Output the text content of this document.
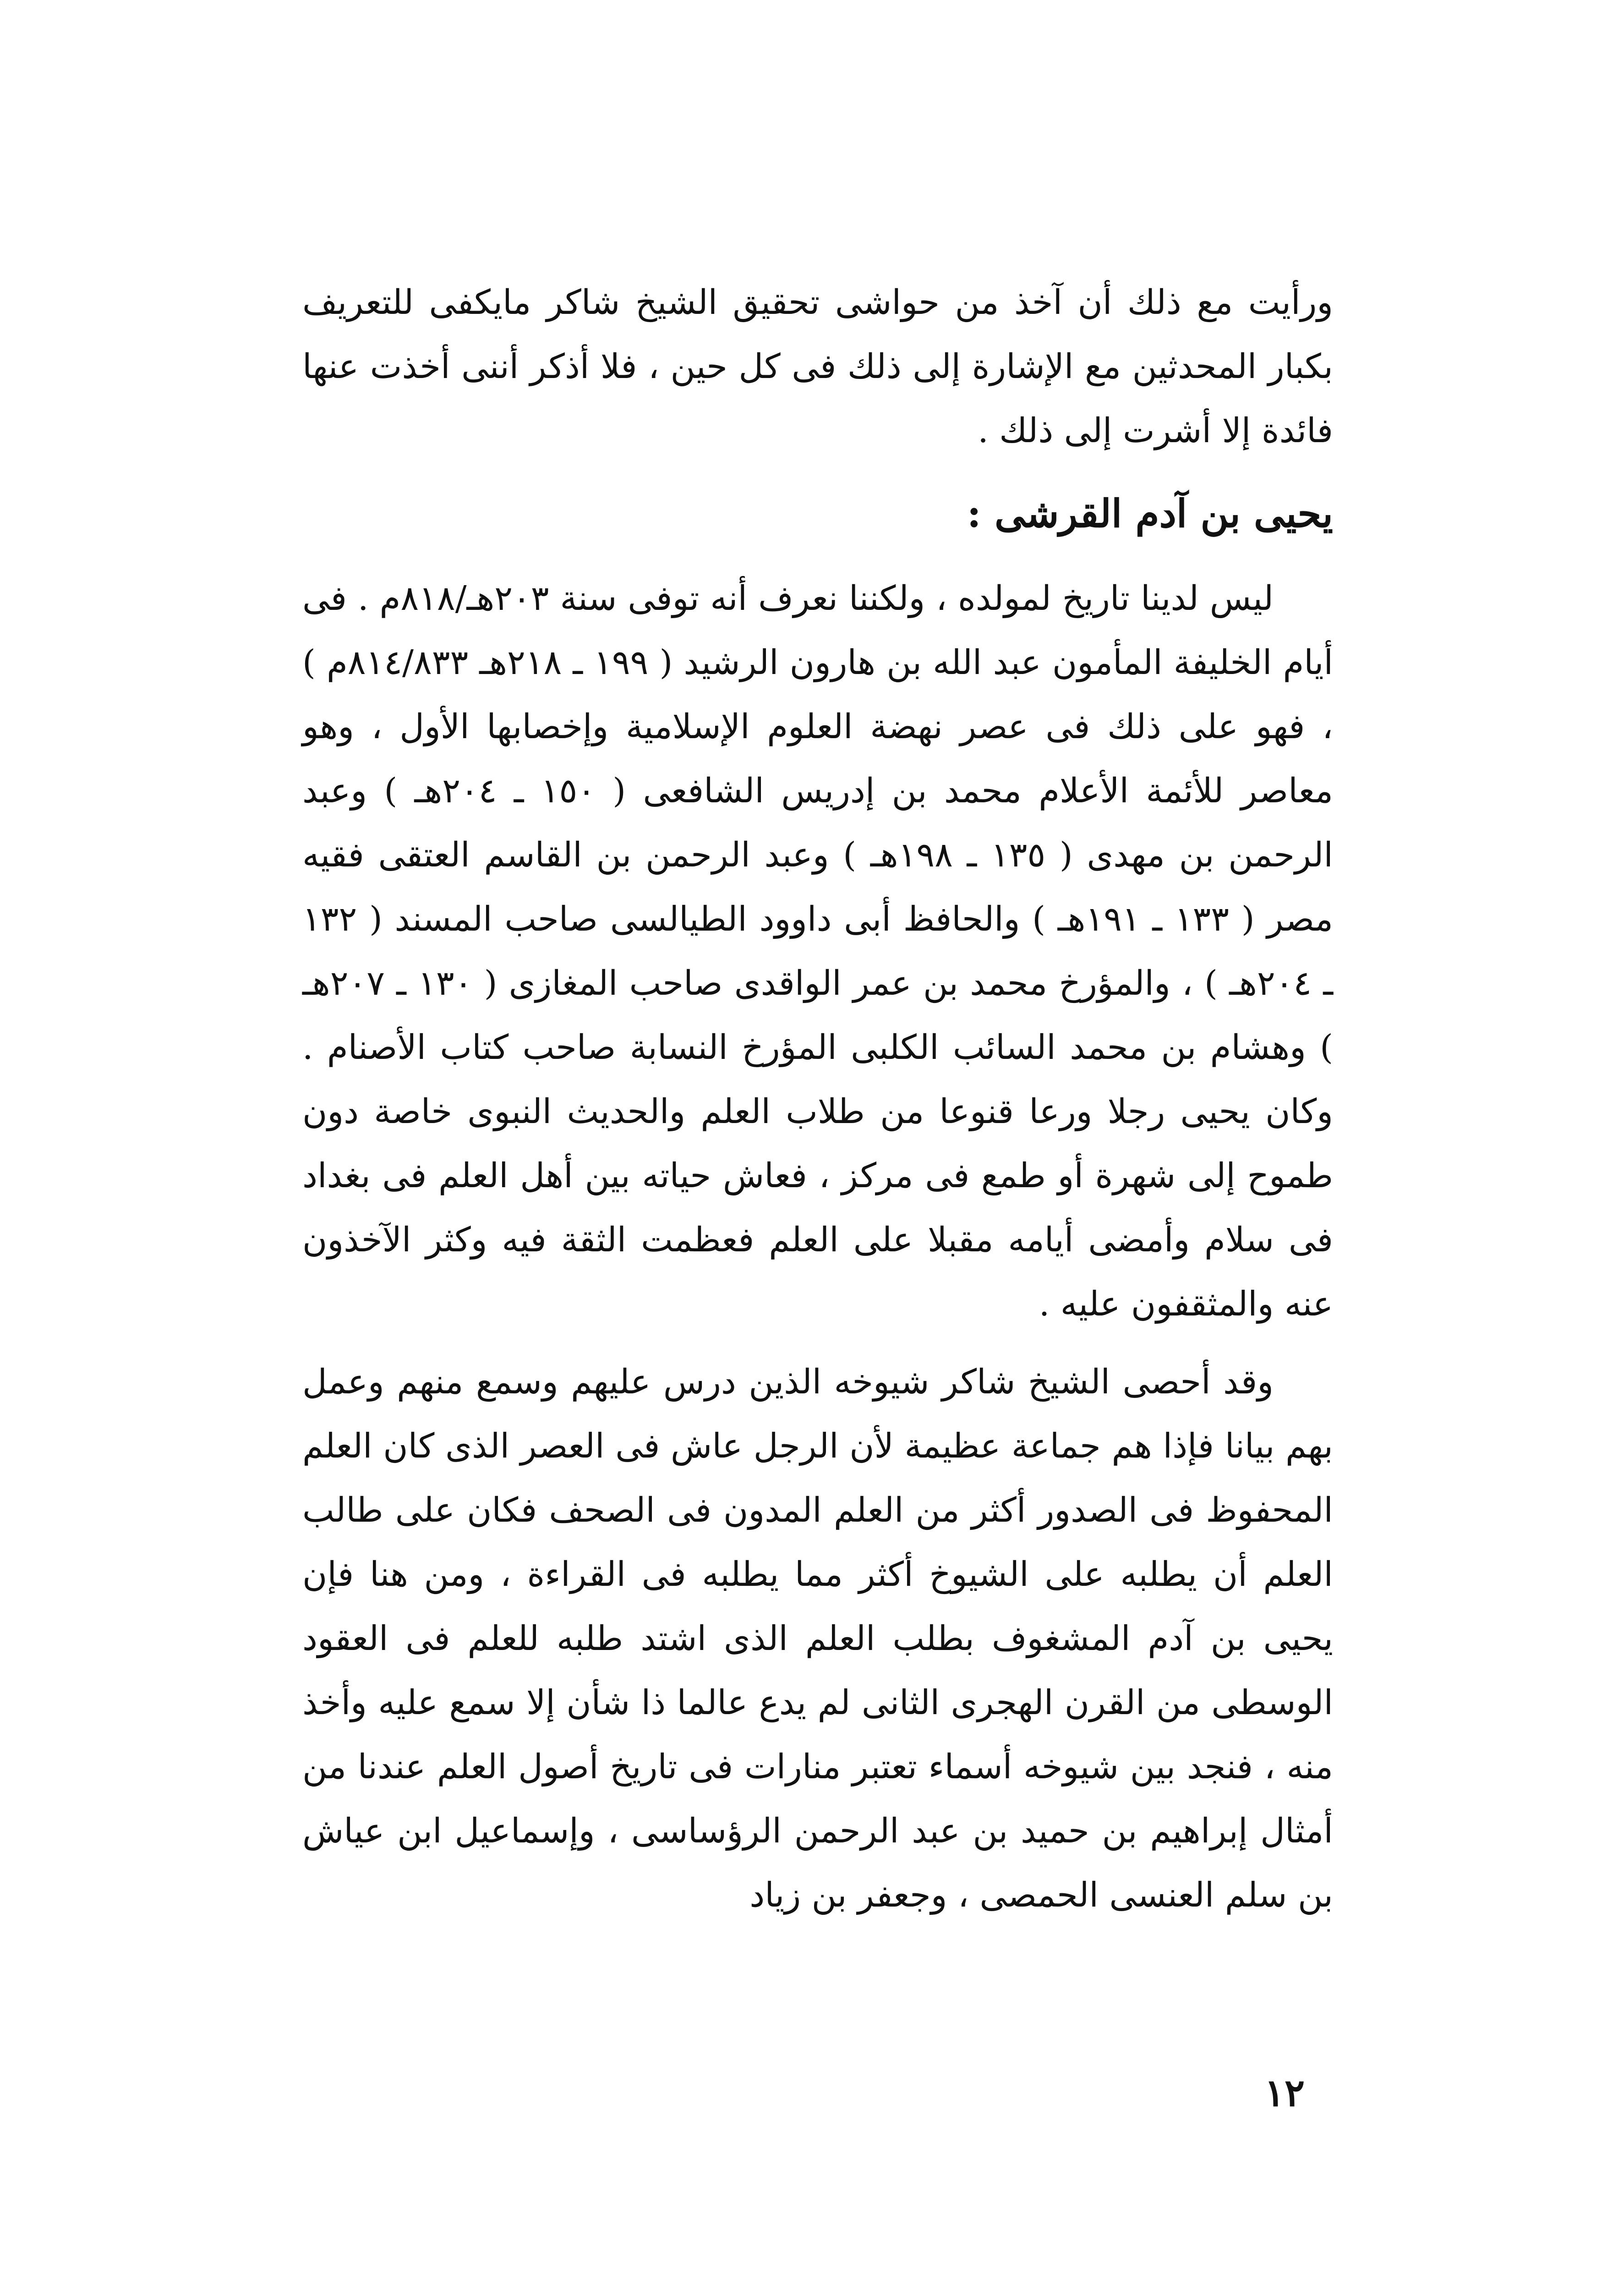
ورأيت مع ذلك أن آخذ من حواشى تحقيق الشيخ شاكر مايكفى للتعريف بكبار المحدثين مع الإشارة إلى ذلك فى كل حين ، فلا أذكر أننى أخذت عنها فائدة إلا أشرت إلى ذلك .

يحيى بن آدم القرشى :

ليس لدينا تاريخ لمولده ، ولكننا نعرف أنه توفى سنة ٢٠٣هـ/٨١٨م . فى أيام الخليفة المأمون عبد الله بن هارون الرشيد ( ١٩٩ ـ ٢١٨هـ ٨١٤/٨٣٣م ) ، فهو على ذلك فى عصر نهضة العلوم الإسلامية وإخصابها الأول ، وهو معاصر للأئمة الأعلام محمد بن إدريس الشافعى ( ١٥٠ ـ ٢٠٤هـ ) وعبد الرحمن بن مهدى ( ١٣٥ ـ ١٩٨هـ ) وعبد الرحمن بن القاسم العتقى فقيه مصر ( ١٣٣ ـ ١٩١هـ ) والحافظ أبى داوود الطيالسى صاحب المسند ( ١٣٢ ـ ٢٠٤هـ ) ، والمؤرخ محمد بن عمر الواقدى صاحب المغازى ( ١٣٠ ـ ٢٠٧هـ ) وهشام بن محمد السائب الكلبى المؤرخ النسابة صاحب كتاب الأصنام . وكان يحيى رجلا ورعا قنوعا من طلاب العلم والحديث النبوى خاصة دون طموح إلى شهرة أو طمع فى مركز ، فعاش حياته بين أهل العلم فى بغداد فى سلام وأمضى أيامه مقبلا على العلم فعظمت الثقة فيه وكثر الآخذون عنه والمثقفون عليه .

وقد أحصى الشيخ شاكر شيوخه الذين درس عليهم وسمع منهم وعمل بهم بيانا فإذا هم جماعة عظيمة لأن الرجل عاش فى العصر الذى كان العلم المحفوظ فى الصدور أكثر من العلم المدون فى الصحف فكان على طالب العلم أن يطلبه على الشيوخ أكثر مما يطلبه فى القراءة ، ومن هنا فإن يحيى بن آدم المشغوف بطلب العلم الذى اشتد طلبه للعلم فى العقود الوسطى من القرن الهجرى الثانى لم يدع عالما ذا شأن إلا سمع عليه وأخذ منه ، فنجد بين شيوخه أسماء تعتبر منارات فى تاريخ أصول العلم عندنا من أمثال إبراهيم بن حميد بن عبد الرحمن الرؤساسى ، وإسماعيل ابن عياش بن سلم العنسى الحمصى ، وجعفر بن زياد

١٢
